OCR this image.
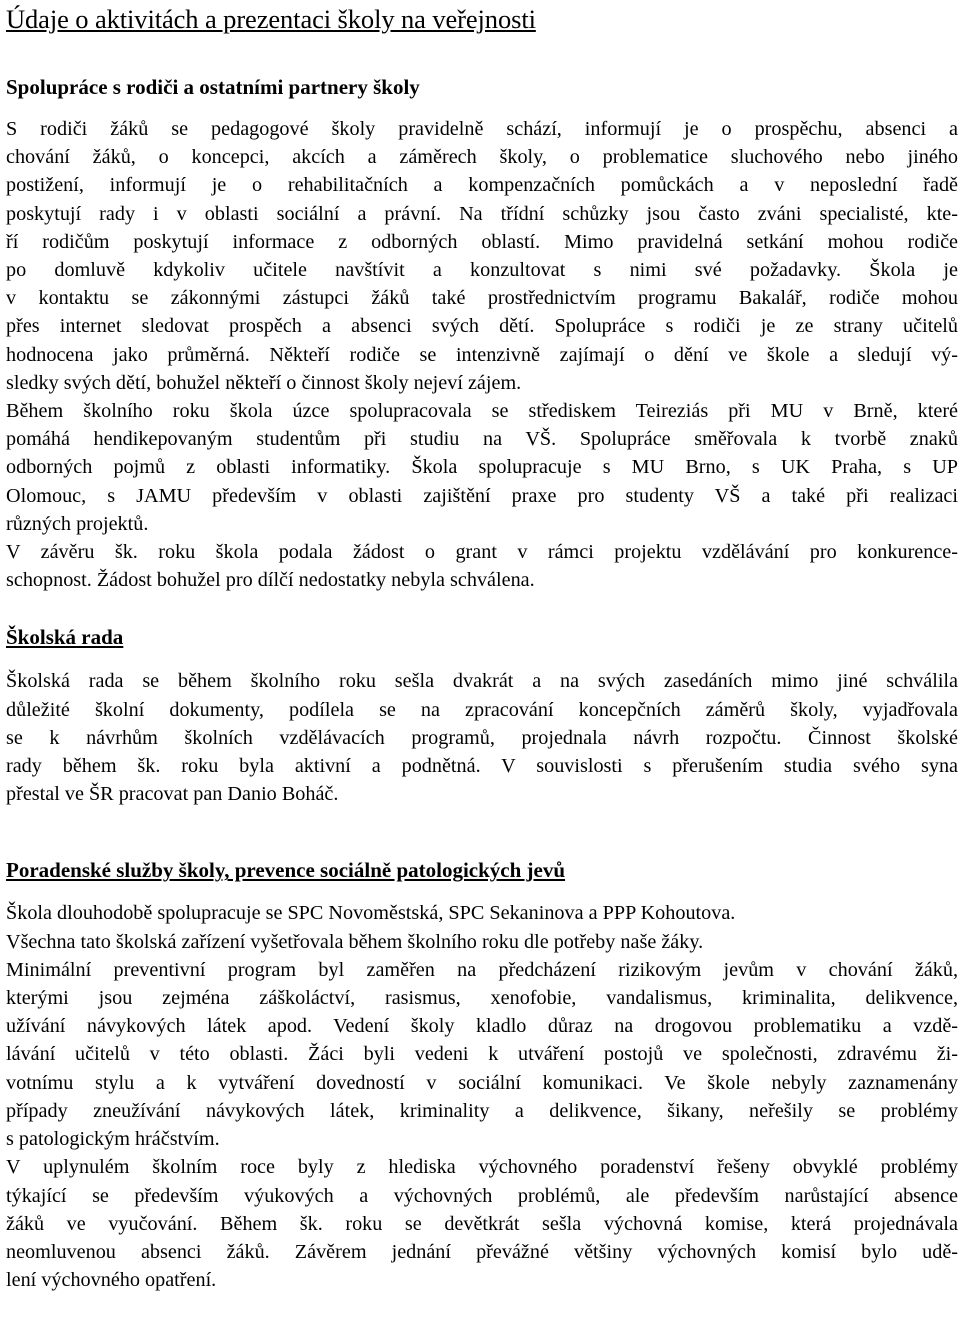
Údaje o aktivitách a prezentaci školy na veřejnosti
Spolupráce s rodiči a ostatními partnery školy

S rodiči žáků se pedagogové školy pravidelně schází, informují je o prospěchu, absenci a

chování žáků, o koncepci, akcích a záměrech školy, o problematice sluchového nebo jiného

postižení, informují je o rehabilitačních a kompenzačních pomůckách a v neposlední řadě

poskytují rady i v oblasti sociální a právní. Na třídní schůzky jsou často zváni specialisté, kte-

ří rodičům poskytují informace z odborných oblastí. Mimo pravidelná setkání mohou rodiče

po domluvě kdykoliv učitele navštívit a konzultovat s nimi své požadavky. Škola je

v kontaktu se zákonnými zástupci žáků také prostřednictvím programu Bakalář, rodiče mohou

přes internet sledovat prospěch a absenci svých dětí. Spolupráce s rodiči je ze strany učitelů

hodnocena jako průměrná. Někteří rodiče se intenzivně zajímají o dění ve škole a sledují vý-

sledky svých dětí, bohužel někteří o činnost školy nejeví zájem.

Během školního roku škola úzce spolupracovala se střediskem Teireziás při MU v Brně, které

pomáhá hendikepovaným studentům při studiu na VŠ. Spolupráce směřovala k tvorbě znaků

odborných pojmů z oblasti informatiky. Škola spolupracuje s MU Brno, s UK Praha, s UP

Olomouc, s JAMU především v oblasti zajištění praxe pro studenty VŠ a také při realizaci

různých projektů.

V závěru šk. roku škola podala žádost o grant v rámci projektu vzdělávání pro konkurence-

schopnost. Žádost bohužel pro dílčí nedostatky nebyla schválena.

Školská rada

Školská rada se během školního roku sešla dvakrát a na svých zasedáních mimo jiné schválila

důležité školní dokumenty, podílela se na zpracování koncepčních záměrů školy, vyjadřovala

se k návrhům školních vzdělávacích programů, projednala návrh rozpočtu. Činnost školské

rady během šk. roku byla aktivní a podnětná. V souvislosti s přerušením studia svého syna

přestal ve ŠR pracovat pan Danio Boháč.

Poradenské služby školy, prevence sociálně patologických jevů

Škola dlouhodobě spolupracuje se SPC Novoměstská, SPC Sekaninova a PPP Kohoutova.

Všechna tato školská zařízení vyšetřovala během školního roku dle potřeby naše žáky.

Minimální preventivní program byl zaměřen na předcházení rizikovým jevům v chování žáků,

kterými jsou zejména záškoláctví, rasismus, xenofobie, vandalismus, kriminalita, delikvence,

užívání návykových látek apod. Vedení školy kladlo důraz na drogovou problematiku a vzdě-

lávání učitelů v této oblasti. Žáci byli vedeni k utváření postojů ve společnosti, zdravému ži-

votnímu stylu a k vytváření dovedností v sociální komunikaci. Ve škole nebyly zaznamenány

případy zneužívání návykových látek, kriminality a delikvence, šikany, neřešily se problémy

s patologickým hráčstvím.

V uplynulém školním roce byly z hlediska výchovného poradenství řešeny obvyklé problémy

týkající se především výukových a výchovných problémů, ale především narůstající absence

žáků ve vyučování. Během šk. roku se devětkrát sešla výchovná komise, která projednávala

neomluvenou absenci žáků. Závěrem jednání převážné většiny výchovných komisí bylo udě-

lení výchovného opatření.
